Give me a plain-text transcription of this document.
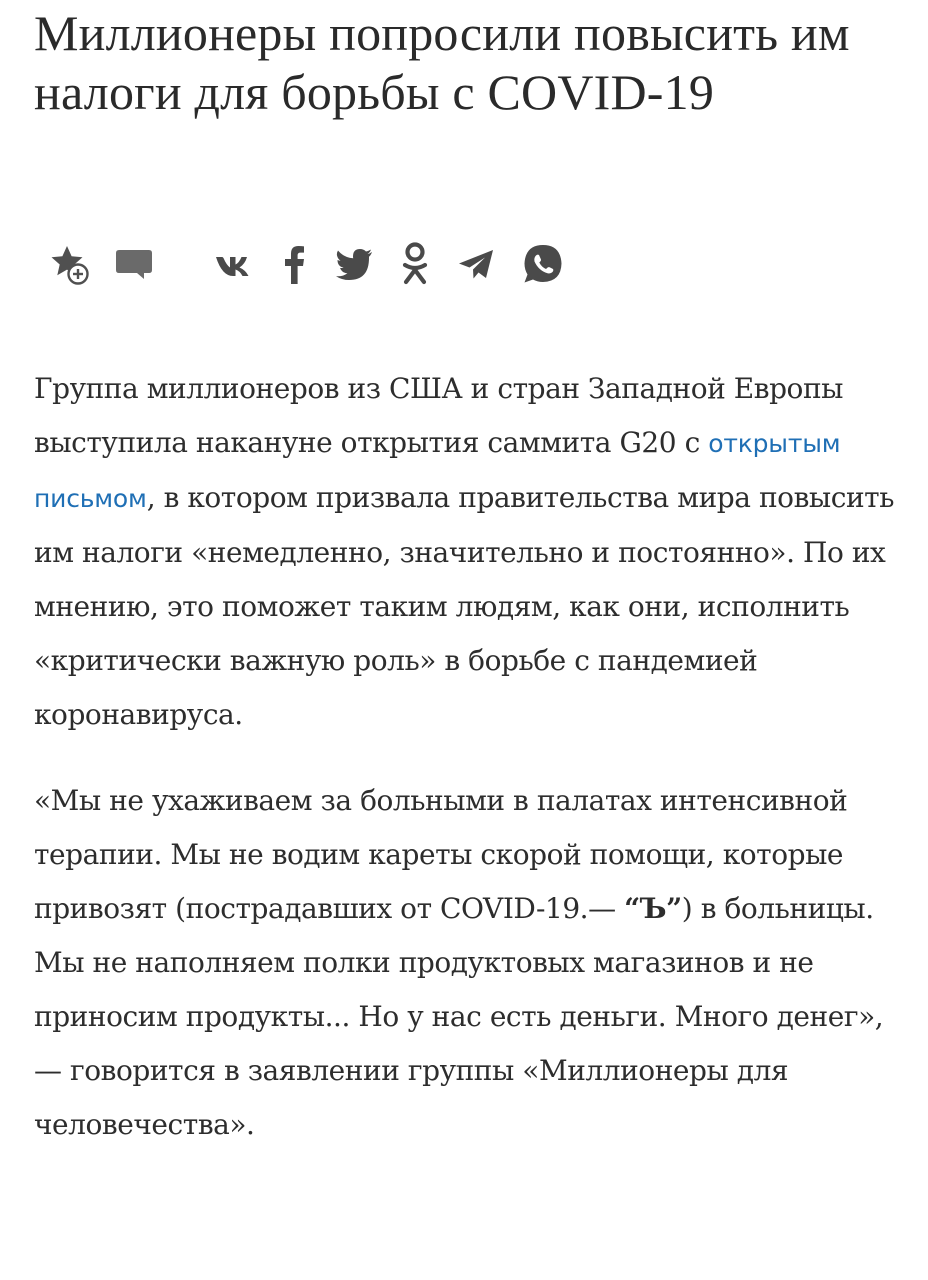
Миллионеры попросили повысить им налоги для борьбы с COVID-19

Группа миллионеров из США и стран Западной Европы выступила накануне открытия саммита G20 с открытым письмом, в котором призвала правительства мира повысить им налоги «немедленно, значительно и постоянно». По их мнению, это поможет таким людям, как они, исполнить «критически важную роль» в борьбе с пандемией коронавируса.

«Мы не ухаживаем за больными в палатах интенсивной терапии. Мы не водим кареты скорой помощи, которые привозят (пострадавших от COVID-19.— “Ъ”) в больницы. Мы не наполняем полки продуктовых магазинов и не приносим продукты... Но у нас есть деньги. Много денег»,— говорится в заявлении группы «Миллионеры для человечества».
